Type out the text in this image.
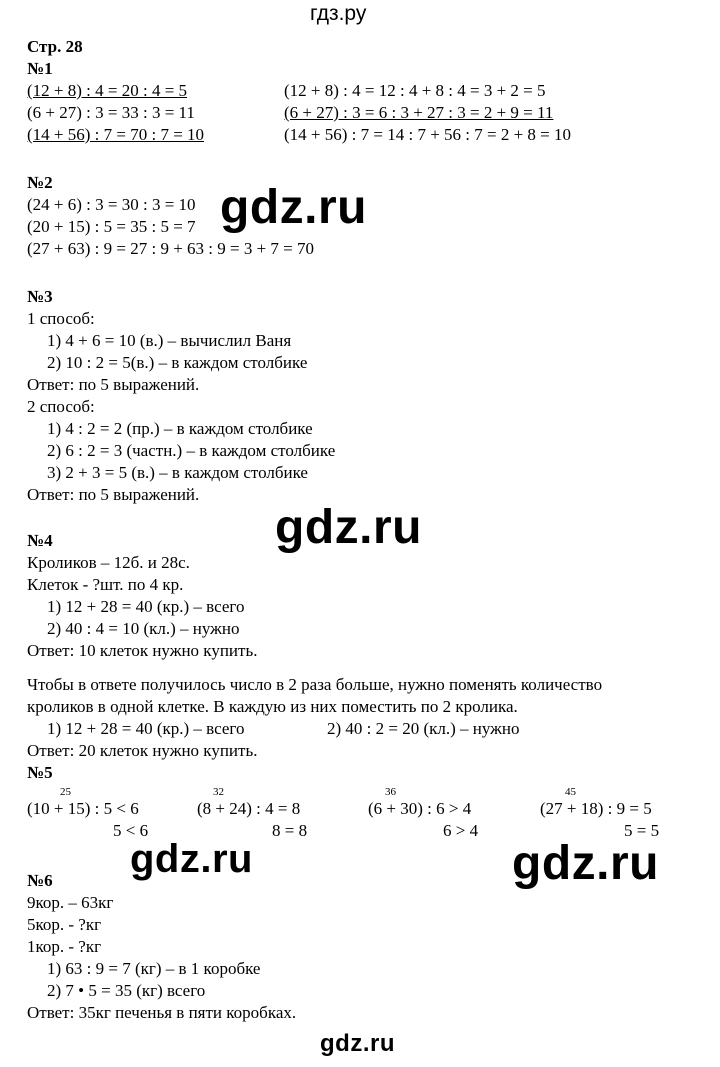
гдз.ру
Стр. 28
№1
(12 + 8) : 4 = 20 : 4 = 5
(6 + 27) : 3 = 33 : 3 = 11
(14 + 56) : 7 = 70 : 7 = 10
(12 + 8) : 4 = 12 : 4 + 8 : 4 = 3 + 2 = 5
(6 + 27) : 3 = 6 : 3 + 27 : 3 = 2 + 9 = 11
(14 + 56) : 7 = 14 : 7 + 56 : 7 = 2 + 8 = 10
№2
(24 + 6) : 3 = 30 : 3 = 10
(20 + 15) : 5 = 35 : 5 = 7
(27 + 63) : 9 = 27 : 9 + 63 : 9 = 3 + 7 = 70
№3
1 способ:
1) 4 + 6 = 10 (в.) – вычислил Ваня
2) 10 : 2 = 5(в.) – в каждом столбике
Ответ: по 5 выражений.
2 способ:
1) 4 : 2 = 2 (пр.) – в каждом столбике
2) 6 : 2 = 3 (частн.) – в каждом столбике
3) 2 + 3 = 5 (в.) – в каждом столбике
Ответ: по 5 выражений.
№4
Кроликов – 12б. и 28с.
Клеток - ?шт. по 4 кр.
1) 12 + 28 = 40 (кр.) – всего
2) 40 : 4 = 10 (кл.) – нужно
Ответ: 10 клеток нужно купить.
Чтобы в ответе получилось число в 2 раза больше, нужно поменять количество
кроликов в одной клетке. В каждую из них поместить по 2 кролика.
1) 12 + 28 = 40 (кр.) – всего	2) 40 : 2 = 20 (кл.) – нужно
Ответ: 20 клеток нужно купить.
№5
25
(10 + 15) : 5 < 6
5 < 6
32
(8 + 24) : 4 = 8
8 = 8
36
(6 + 30) : 6 > 4
6 > 4
45
(27 + 18) : 9 = 5
5 = 5
№6
9кор. – 63кг
5кор. - ?кг
1кор. - ?кг
1) 63 : 9 = 7 (кг) – в 1 коробке
2) 7 • 5 = 35 (кг) всего
Ответ: 35кг печенья в пяти коробках.
gdz.ru
gdz.ru
gdz.ru	gdz.ru
gdz.ru
